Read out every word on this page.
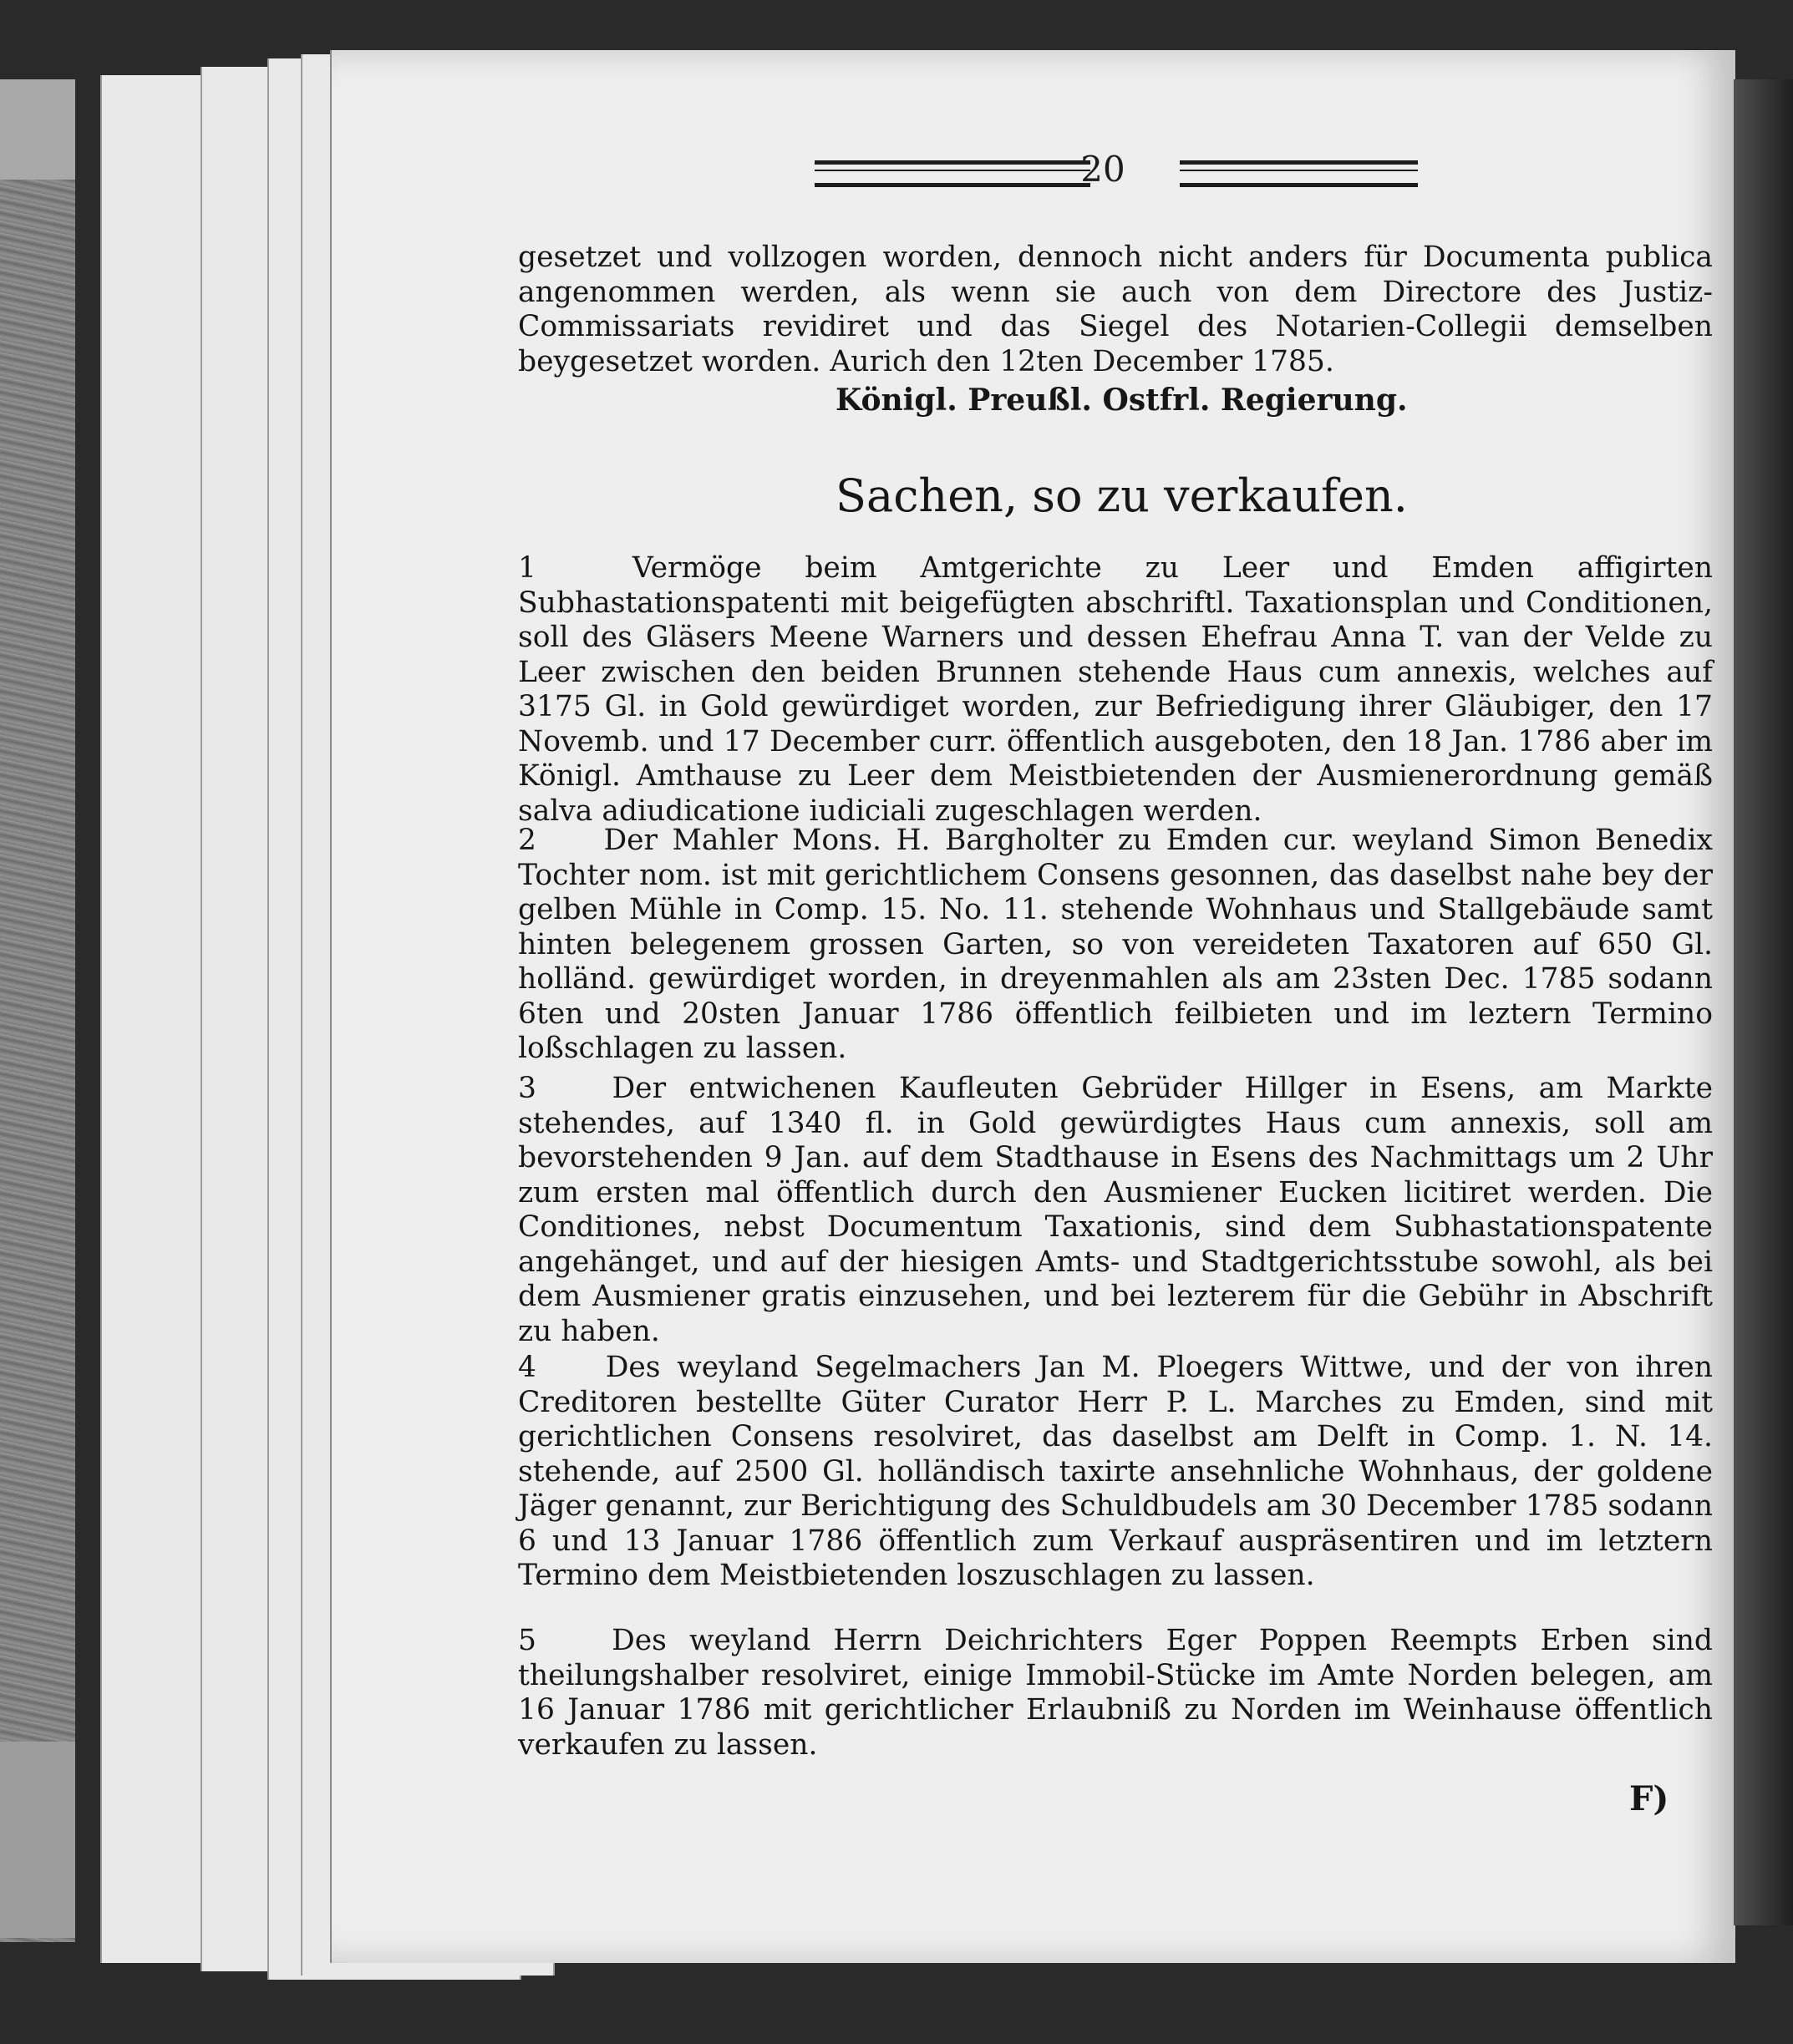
20

gesetzet und vollzogen worden, dennoch nicht anders für Documenta publica angenommen werden, als wenn sie auch von dem Directore des Justiz-Commissariats revidiret und das Siegel des Notarien-Collegii demselben beygesetzet worden. Aurich den 12ten December 1785.

Königl. Preußl. Ostfrl. Regierung.
Sachen, so zu verkaufen.

1	Vermöge beim Amtgerichte zu Leer und Emden affigirten Subhastationspatenti mit beigefügten abschriftl. Taxationsplan und Conditionen, soll des Gläsers Meene Warners und dessen Ehefrau Anna T. van der Velde zu Leer zwischen den beiden Brunnen stehende Haus cum annexis, welches auf 3175 Gl. in Gold gewürdiget worden, zur Befriedigung ihrer Gläubiger, den 17 Novemb. und 17 December curr. öffentlich ausgeboten, den 18 Jan. 1786 aber im Königl. Amthause zu Leer dem Meistbietenden der Ausmienerordnung gemäß salva adiudicatione iudiciali zugeschlagen werden.

2 Der Mahler Mons. H. Bargholter zu Emden cur. weyland Simon Benedix Tochter nom. ist mit gerichtlichem Consens gesonnen, das daselbst nahe bey der gelben Mühle in Comp. 15. No. 11. stehende Wohnhaus und Stallgebäude samt hinten belegenem grossen Garten, so von vereideten Taxatoren auf 650 Gl. holländ. gewürdiget worden, in dreyenmahlen als am 23sten Dec. 1785 sodann 6ten und 20sten Januar 1786 öffentlich feilbieten und im leztern Termino loßschlagen zu lassen.

3	Der entwichenen Kaufleuten Gebrüder Hillger in Esens, am Markte stehendes, auf 1340 fl. in Gold gewürdigtes Haus cum annexis, soll am bevorstehenden 9 Jan. auf dem Stadthause in Esens des Nachmittags um 2 Uhr zum ersten mal öffentlich durch den Ausmiener Eucken licitiret werden. Die Conditiones, nebst Documentum Taxationis, sind dem Subhastationspatente angehänget, und auf der hiesigen Amts- und Stadtgerichtsstube sowohl, als bei dem Ausmiener gratis einzusehen, und bei lezterem für die Gebühr in Abschrift zu haben.

4 Des weyland Segelmachers Jan M. Ploegers Wittwe, und der von ihren Creditoren bestellte Güter Curator Herr P. L. Marches zu Emden, sind mit gerichtlichen Consens resolviret, das daselbst am Delft in Comp. 1. N. 14. stehende, auf 2500 Gl. holländisch taxirte ansehnliche Wohnhaus, der goldene Jäger genannt, zur Berichtigung des Schuldbudels am 30 December 1785 sodann 6 und 13 Januar 1786 öffentlich zum Verkauf auspräsentiren und im letztern Termino dem Meistbietenden loszuschlagen zu lassen.

5	Des weyland Herrn Deichrichters Eger Poppen Reempts Erben sind theilungshalber resolviret, einige Immobil-Stücke im Amte Norden belegen, am 16 Januar 1786 mit gerichtlicher Erlaubniß zu Norden im Weinhause öffentlich verkaufen zu lassen.

F)
